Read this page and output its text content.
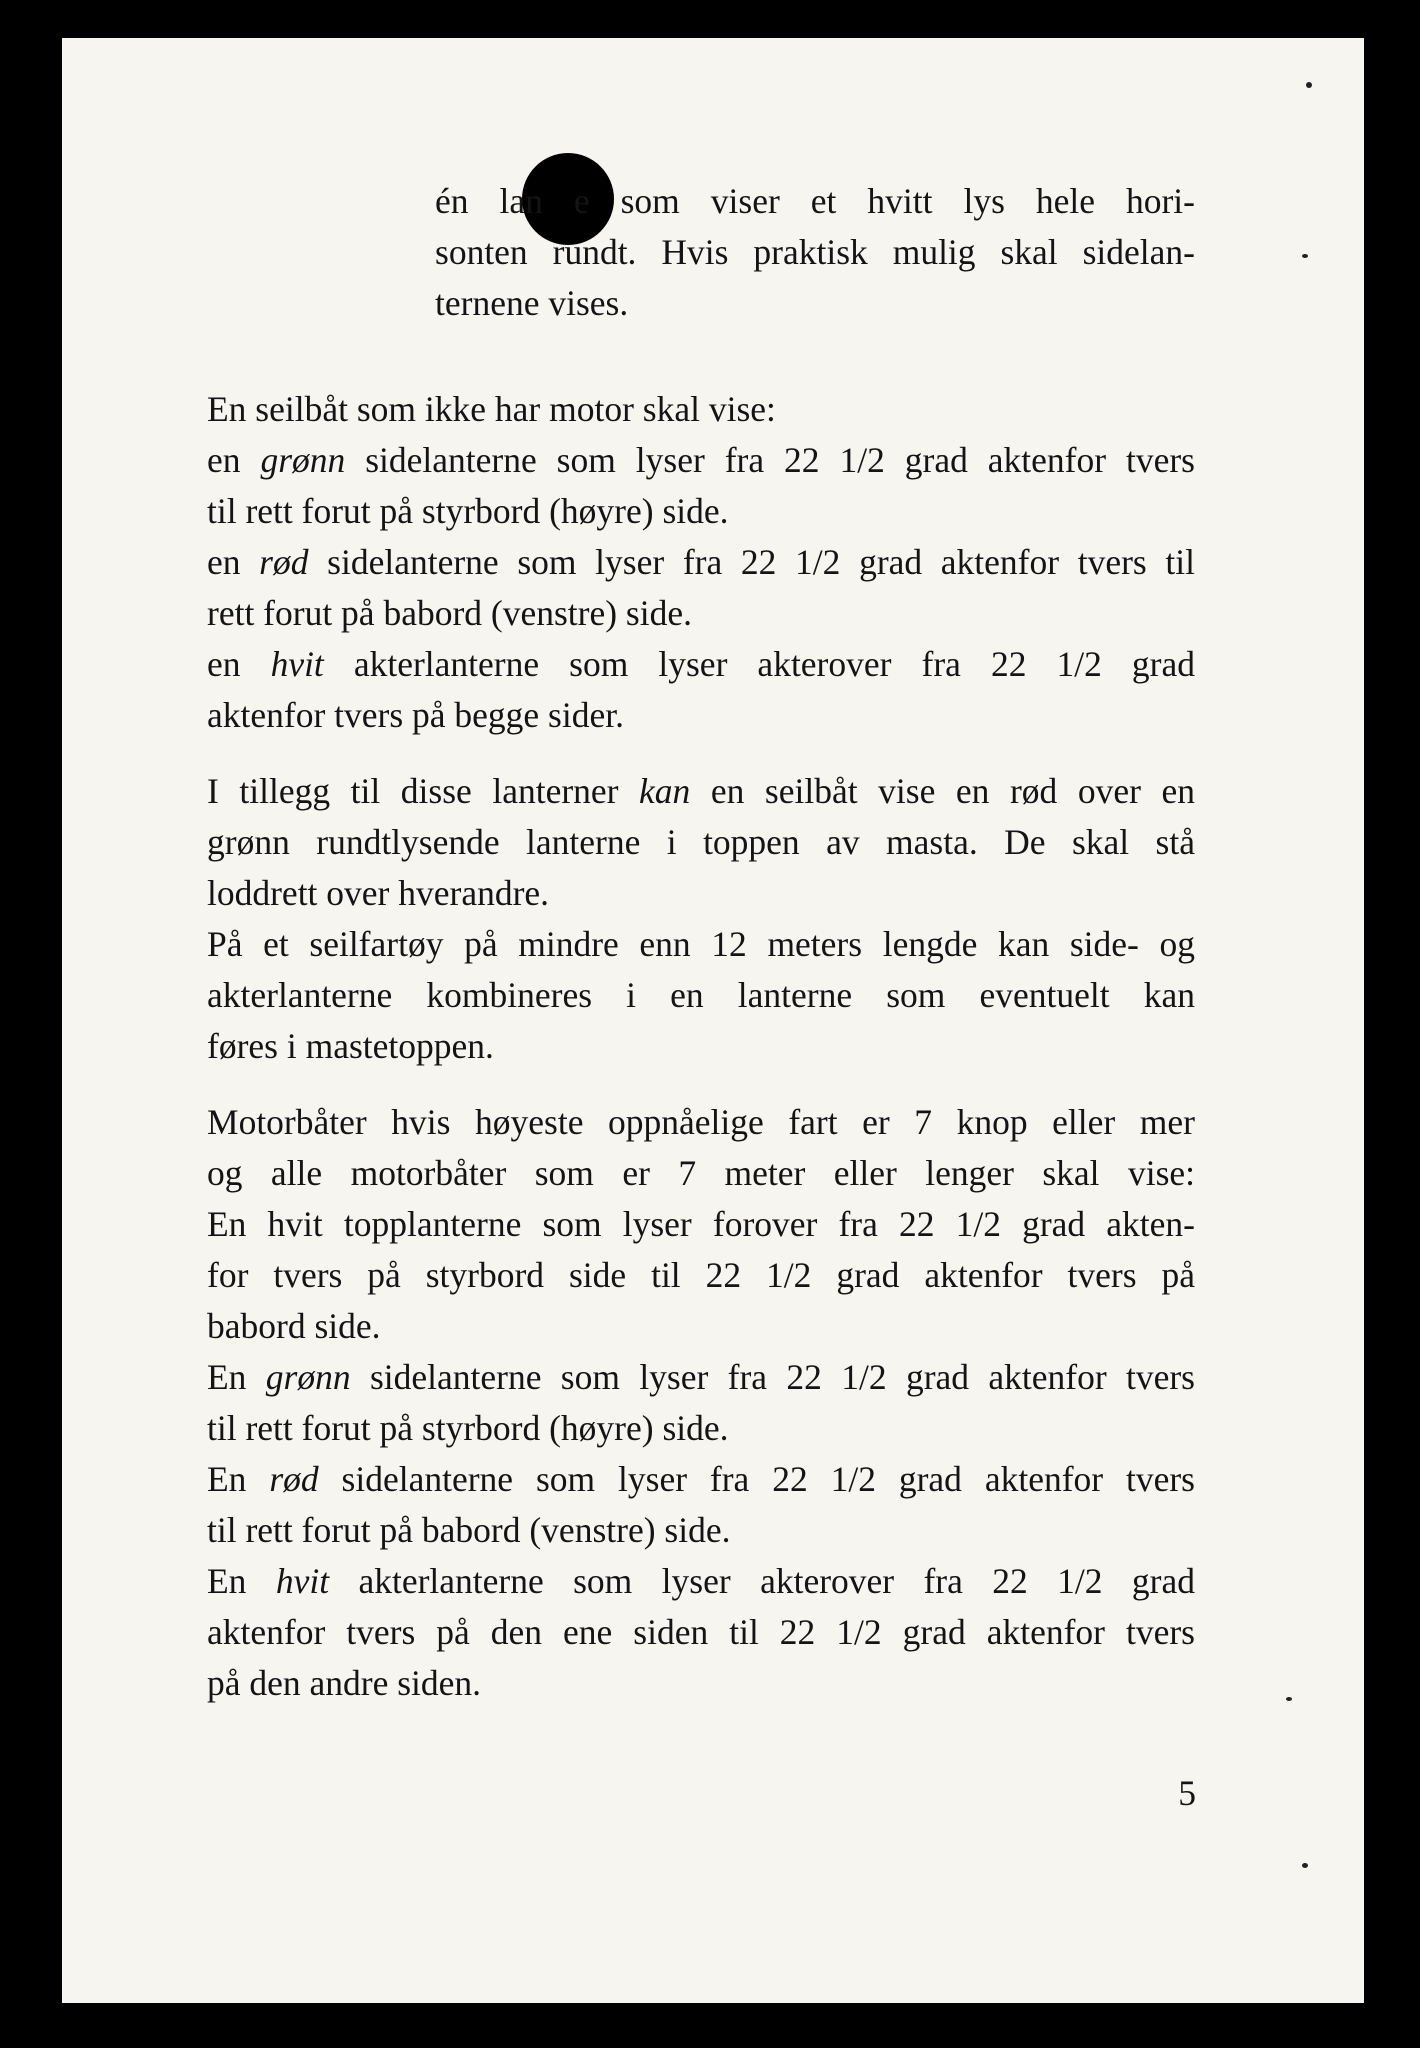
én lan e som viser et hvitt lys hele hori-
sonten rundt. Hvis praktisk mulig skal sidelan-
ternene vises.
En seilbåt som ikke har motor skal vise:
en grønn sidelanterne som lyser fra 22 1/2 grad aktenfor tvers
til rett forut på styrbord (høyre) side.
en rød sidelanterne som lyser fra 22 1/2 grad aktenfor tvers til
rett forut på babord (venstre) side.
en hvit akterlanterne som lyser akterover fra 22 1/2 grad
aktenfor tvers på begge sider.
I tillegg til disse lanterner kan en seilbåt vise en rød over en
grønn rundtlysende lanterne i toppen av masta. De skal stå
loddrett over hverandre.
På et seilfartøy på mindre enn 12 meters lengde kan side- og
akterlanterne kombineres i en lanterne som eventuelt kan
føres i mastetoppen.
Motorbåter hvis høyeste oppnåelige fart er 7 knop eller mer
og alle motorbåter som er 7 meter eller lenger skal vise:
En hvit topplanterne som lyser forover fra 22 1/2 grad akten-
for tvers på styrbord side til 22 1/2 grad aktenfor tvers på
babord side.
En grønn sidelanterne som lyser fra 22 1/2 grad aktenfor tvers
til rett forut på styrbord (høyre) side.
En rød sidelanterne som lyser fra 22 1/2 grad aktenfor tvers
til rett forut på babord (venstre) side.
En hvit akterlanterne som lyser akterover fra 22 1/2 grad
aktenfor tvers på den ene siden til 22 1/2 grad aktenfor tvers
på den andre siden.
5
